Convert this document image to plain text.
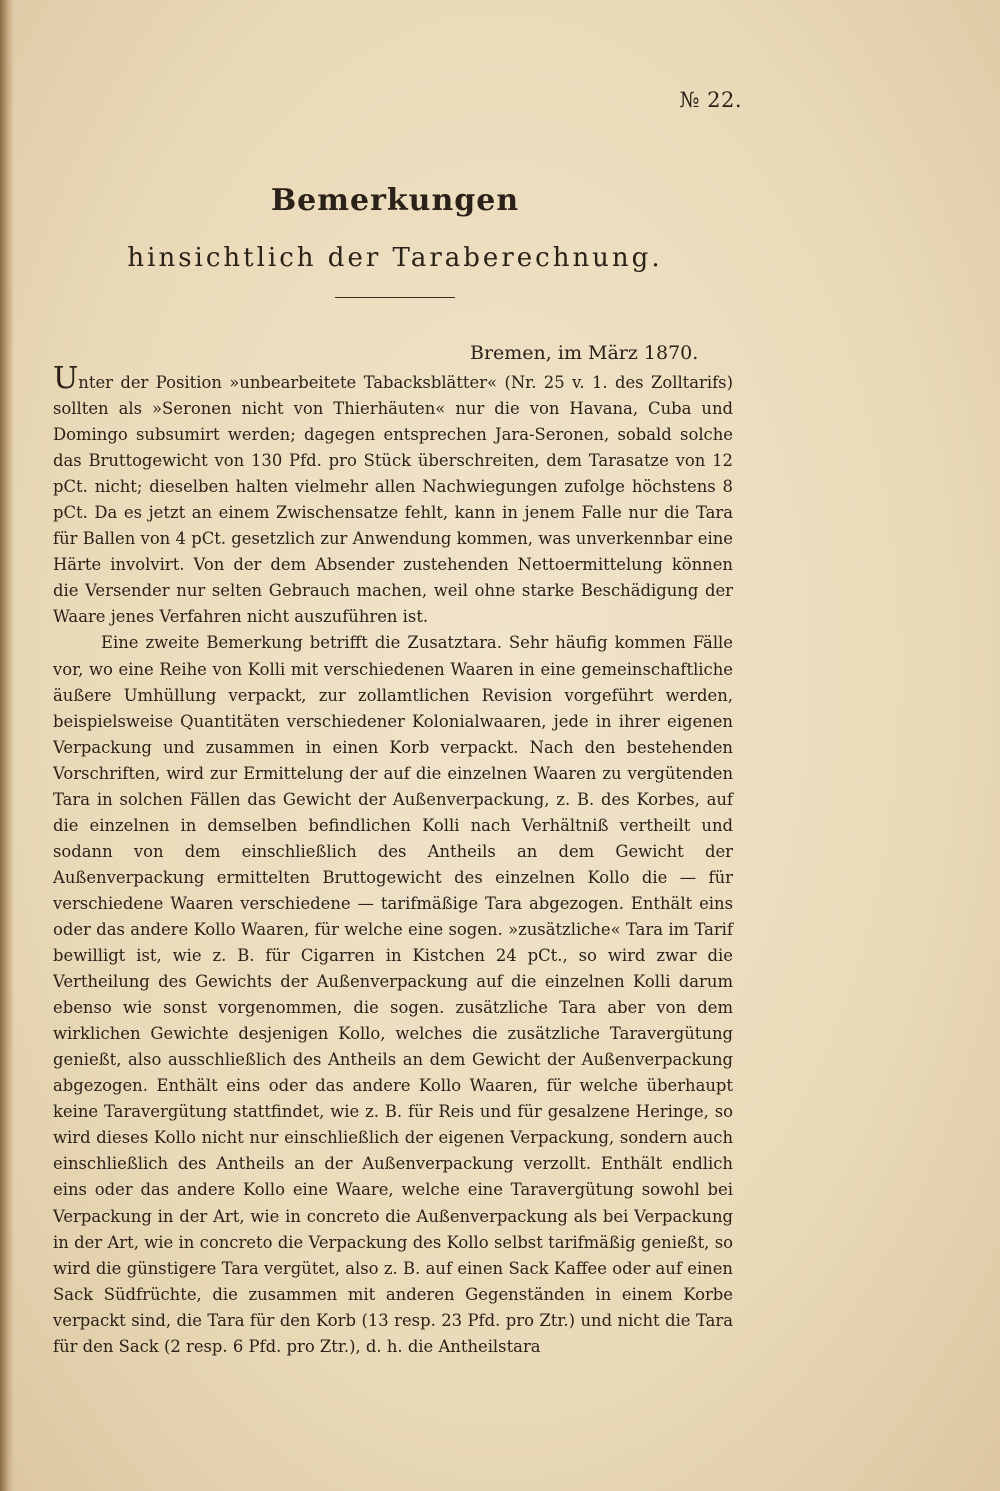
№ 22.
Bemerkungen
hinsichtlich der Taraberechnung.
Bremen, im März 1870.

Unter der Position »unbearbeitete Tabacksblätter« (Nr. 25 v. 1. des Zolltarifs) sollten als »Seronen nicht von Thierhäuten« nur die von Havana, Cuba und Domingo subsumirt werden; dagegen entsprechen Jara-Seronen, sobald solche das Bruttogewicht von 130 Pfd. pro Stück überschreiten, dem Tarasatze von 12 pCt. nicht; dieselben halten vielmehr allen Nachwiegungen zufolge höchstens 8 pCt. Da es jetzt an einem Zwischensatze fehlt, kann in jenem Falle nur die Tara für Ballen von 4 pCt. gesetzlich zur Anwendung kommen, was unverkennbar eine Härte involvirt. Von der dem Absender zustehenden Nettoermittelung können die Versender nur selten Gebrauch machen, weil ohne starke Beschädigung der Waare jenes Verfahren nicht auszuführen ist.

Eine zweite Bemerkung betrifft die Zusatztara. Sehr häufig kommen Fälle vor, wo eine Reihe von Kolli mit verschiedenen Waaren in eine gemeinschaftliche äußere Umhüllung verpackt, zur zollamtlichen Revision vorgeführt werden, beispielsweise Quantitäten verschiedener Kolonialwaaren, jede in ihrer eigenen Verpackung und zusammen in einen Korb verpackt. Nach den bestehenden Vorschriften, wird zur Ermittelung der auf die einzelnen Waaren zu vergütenden Tara in solchen Fällen das Gewicht der Außenverpackung, z. B. des Korbes, auf die einzelnen in demselben befindlichen Kolli nach Verhältniß vertheilt und sodann von dem einschließlich des Antheils an dem Gewicht der Außenverpackung ermittelten Bruttogewicht des einzelnen Kollo die — für verschiedene Waaren verschiedene — tarifmäßige Tara abgezogen. Enthält eins oder das andere Kollo Waaren, für welche eine sogen. »zusätzliche« Tara im Tarif bewilligt ist, wie z. B. für Cigarren in Kistchen 24 pCt., so wird zwar die Vertheilung des Gewichts der Außenverpackung auf die einzelnen Kolli darum ebenso wie sonst vorgenommen, die sogen. zusätzliche Tara aber von dem wirklichen Gewichte desjenigen Kollo, welches die zusätzliche Taravergütung genießt, also ausschließlich des Antheils an dem Gewicht der Außenverpackung abgezogen. Enthält eins oder das andere Kollo Waaren, für welche überhaupt keine Taravergütung stattfindet, wie z. B. für Reis und für gesalzene Heringe, so wird dieses Kollo nicht nur einschließlich der eigenen Verpackung, sondern auch einschließlich des Antheils an der Außenverpackung verzollt. Enthält endlich eins oder das andere Kollo eine Waare, welche eine Taravergütung sowohl bei Verpackung in der Art, wie in concreto die Außenverpackung als bei Verpackung in der Art, wie in concreto die Verpackung des Kollo selbst tarifmäßig genießt, so wird die günstigere Tara vergütet, also z. B. auf einen Sack Kaffee oder auf einen Sack Südfrüchte, die zusammen mit anderen Gegenständen in einem Korbe verpackt sind, die Tara für den Korb (13 resp. 23 Pfd. pro Ztr.) und nicht die Tara für den Sack (2 resp. 6 Pfd. pro Ztr.), d. h. die Antheilstara
